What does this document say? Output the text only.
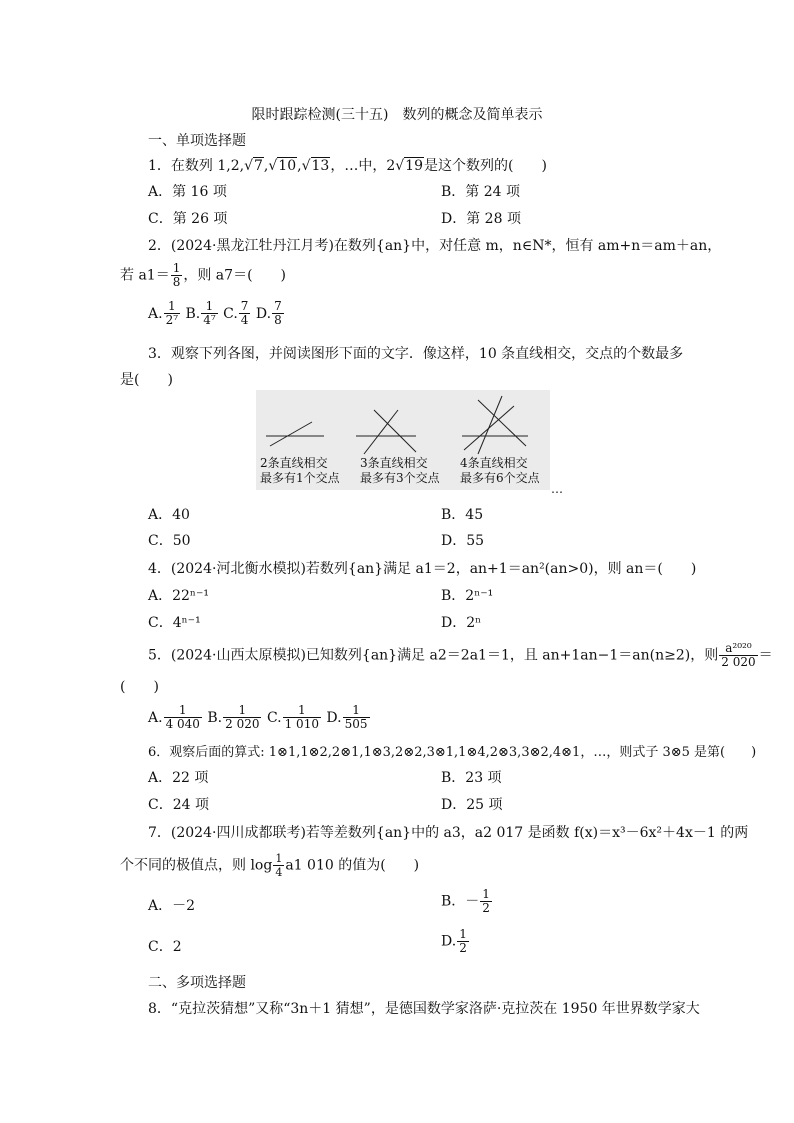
限时跟踪检测(三十五)　数列的概念及简单表示
一、单项选择题
1．在数列 1,2,√7,√10,√13，…中，2√19是这个数列的(　　)
A．第 16 项	B．第 24 项
C．第 26 项	D．第 28 项
2．(2024·黑龙江牡丹江月考)在数列{an}中，对任意 m，n∈N*，恒有 am+n＝am＋an，
若 $a1= \frac{1}{8}$ ，则 a7＝(　　)
A. $\frac{1}{\text{2⁷}} B$. $\frac{1}{\text{4⁷}} C$. $\frac{7}{4} D$. $\frac{7}{8}$
3．观察下列各图，并阅读图形下面的文字．像这样，10 条直线相交，交点的个数最多
是(　　)
2条直线相交
最多有1个交点
3条直线相交
最多有3个交点
4条直线相交
最多有6个交点
…
A．40	B．45
C．50	D．55
4．(2024·河北衡水模拟)若数列{an}满足 a1＝2，an+1＝an²(an>0)，则 an＝(　　)
A．22ⁿ⁻¹	B．2ⁿ⁻¹
C．4ⁿ⁻¹	D．2ⁿ
5．(2024·山西太原模拟)已知数列{an}满足 a2＝2a1＝1，且 an+1an−1＝an(n≥2)，则 $\frac{\text{a²⁰²⁰}}{2 020}$ ＝
(　　)
A. $\frac{1}{4 040} B$. $\frac{1}{2 020} C$. $\frac{1}{1 010} D$. $\frac{1}{505}$
6．观察后面的算式: 1⊗1,1⊗2,2⊗1,1⊗3,2⊗2,3⊗1,1⊗4,2⊗3,3⊗2,4⊗1，…，则式子 3⊗5 是第(　　)
A．22 项	B．23 项
C．24 项	D．25 项
7．(2024·四川成都联考)若等差数列{an}中的 a3，a2 017 是函数 f(x)＝x³－6x²＋4x－1 的两
个不同的极值点，则 $\log \frac{1}{4} a1$ 010 的值为(　　)
A．－2	B．－ $\frac{1}{2}$
C．2	D. $\frac{1}{2}$
二、多项选择题
8．“克拉茨猜想”又称“3n＋1 猜想”，是德国数学家洛萨·克拉茨在 1950 年世界数学家大
